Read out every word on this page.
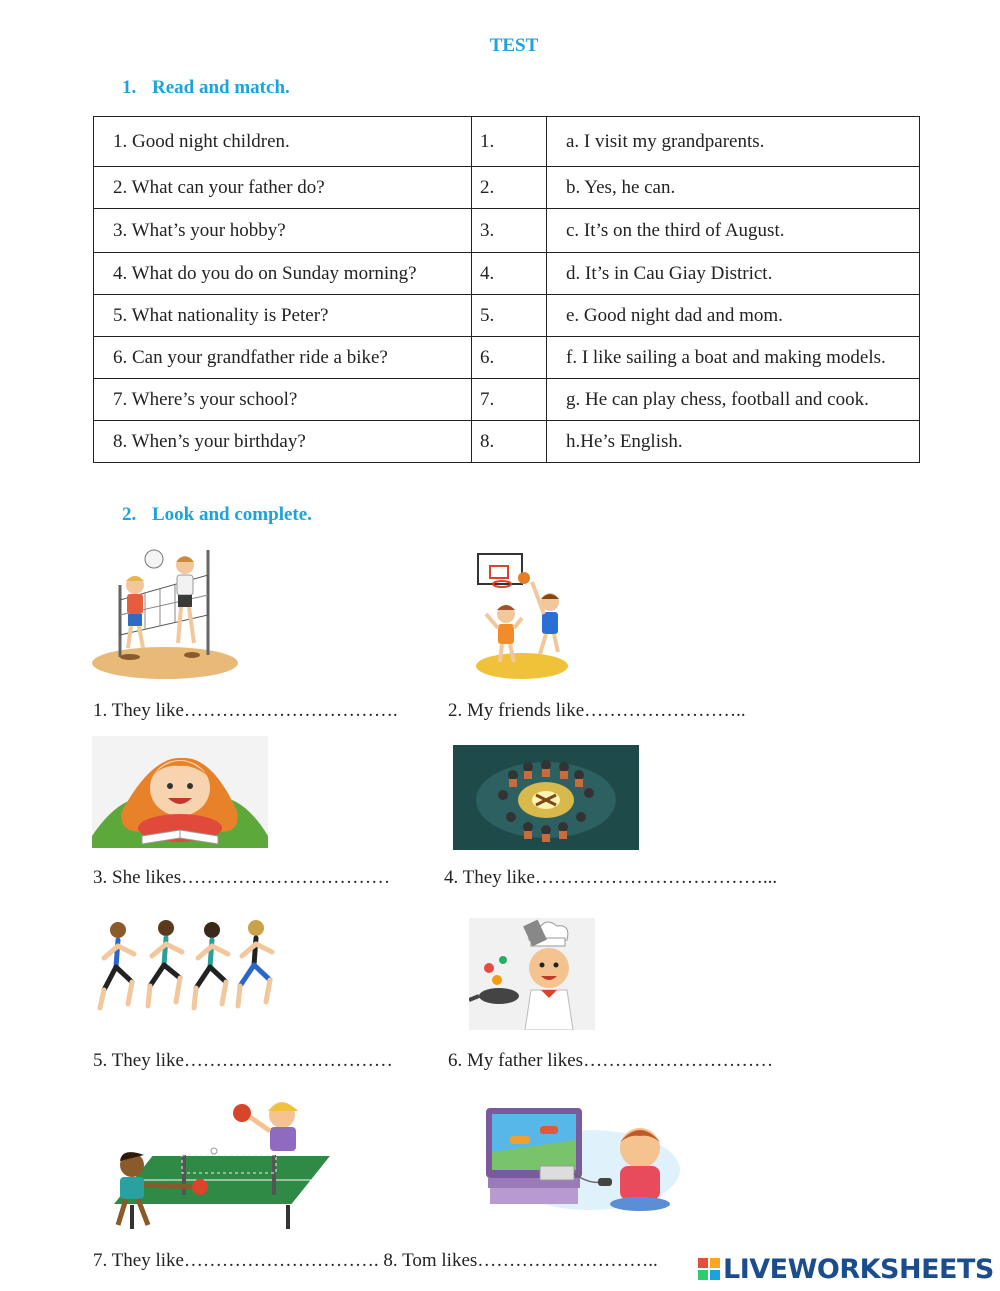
TEST
1. Read and match.
1. Good night children.	1.	a. I visit my grandparents.
2. What can your father do?	2.	b. Yes, he can.
3. What’s your hobby?	3.	c. It’s on the third of August.
4. What do you do on Sunday morning?	4.	d. It’s in Cau Giay District.
5. What nationality is Peter?	5.	e. Good night dad and mom.
6. Can your grandfather ride a bike?	6.	f. I like sailing a boat and making models.
7. Where’s your school?	7.	g. He can play chess, football and cook.
8. When’s your birthday?	8.	h.He’s English.
2. Look and complete.
1. They like…………………………….	2. My friends like……………………..
3. She likes……………………………	4. They like………………………………...
5. They like……………………………	6. My father likes…………………………
7. They like…………………………. 8. Tom likes……………………….. LIVEWORKSHEETS
